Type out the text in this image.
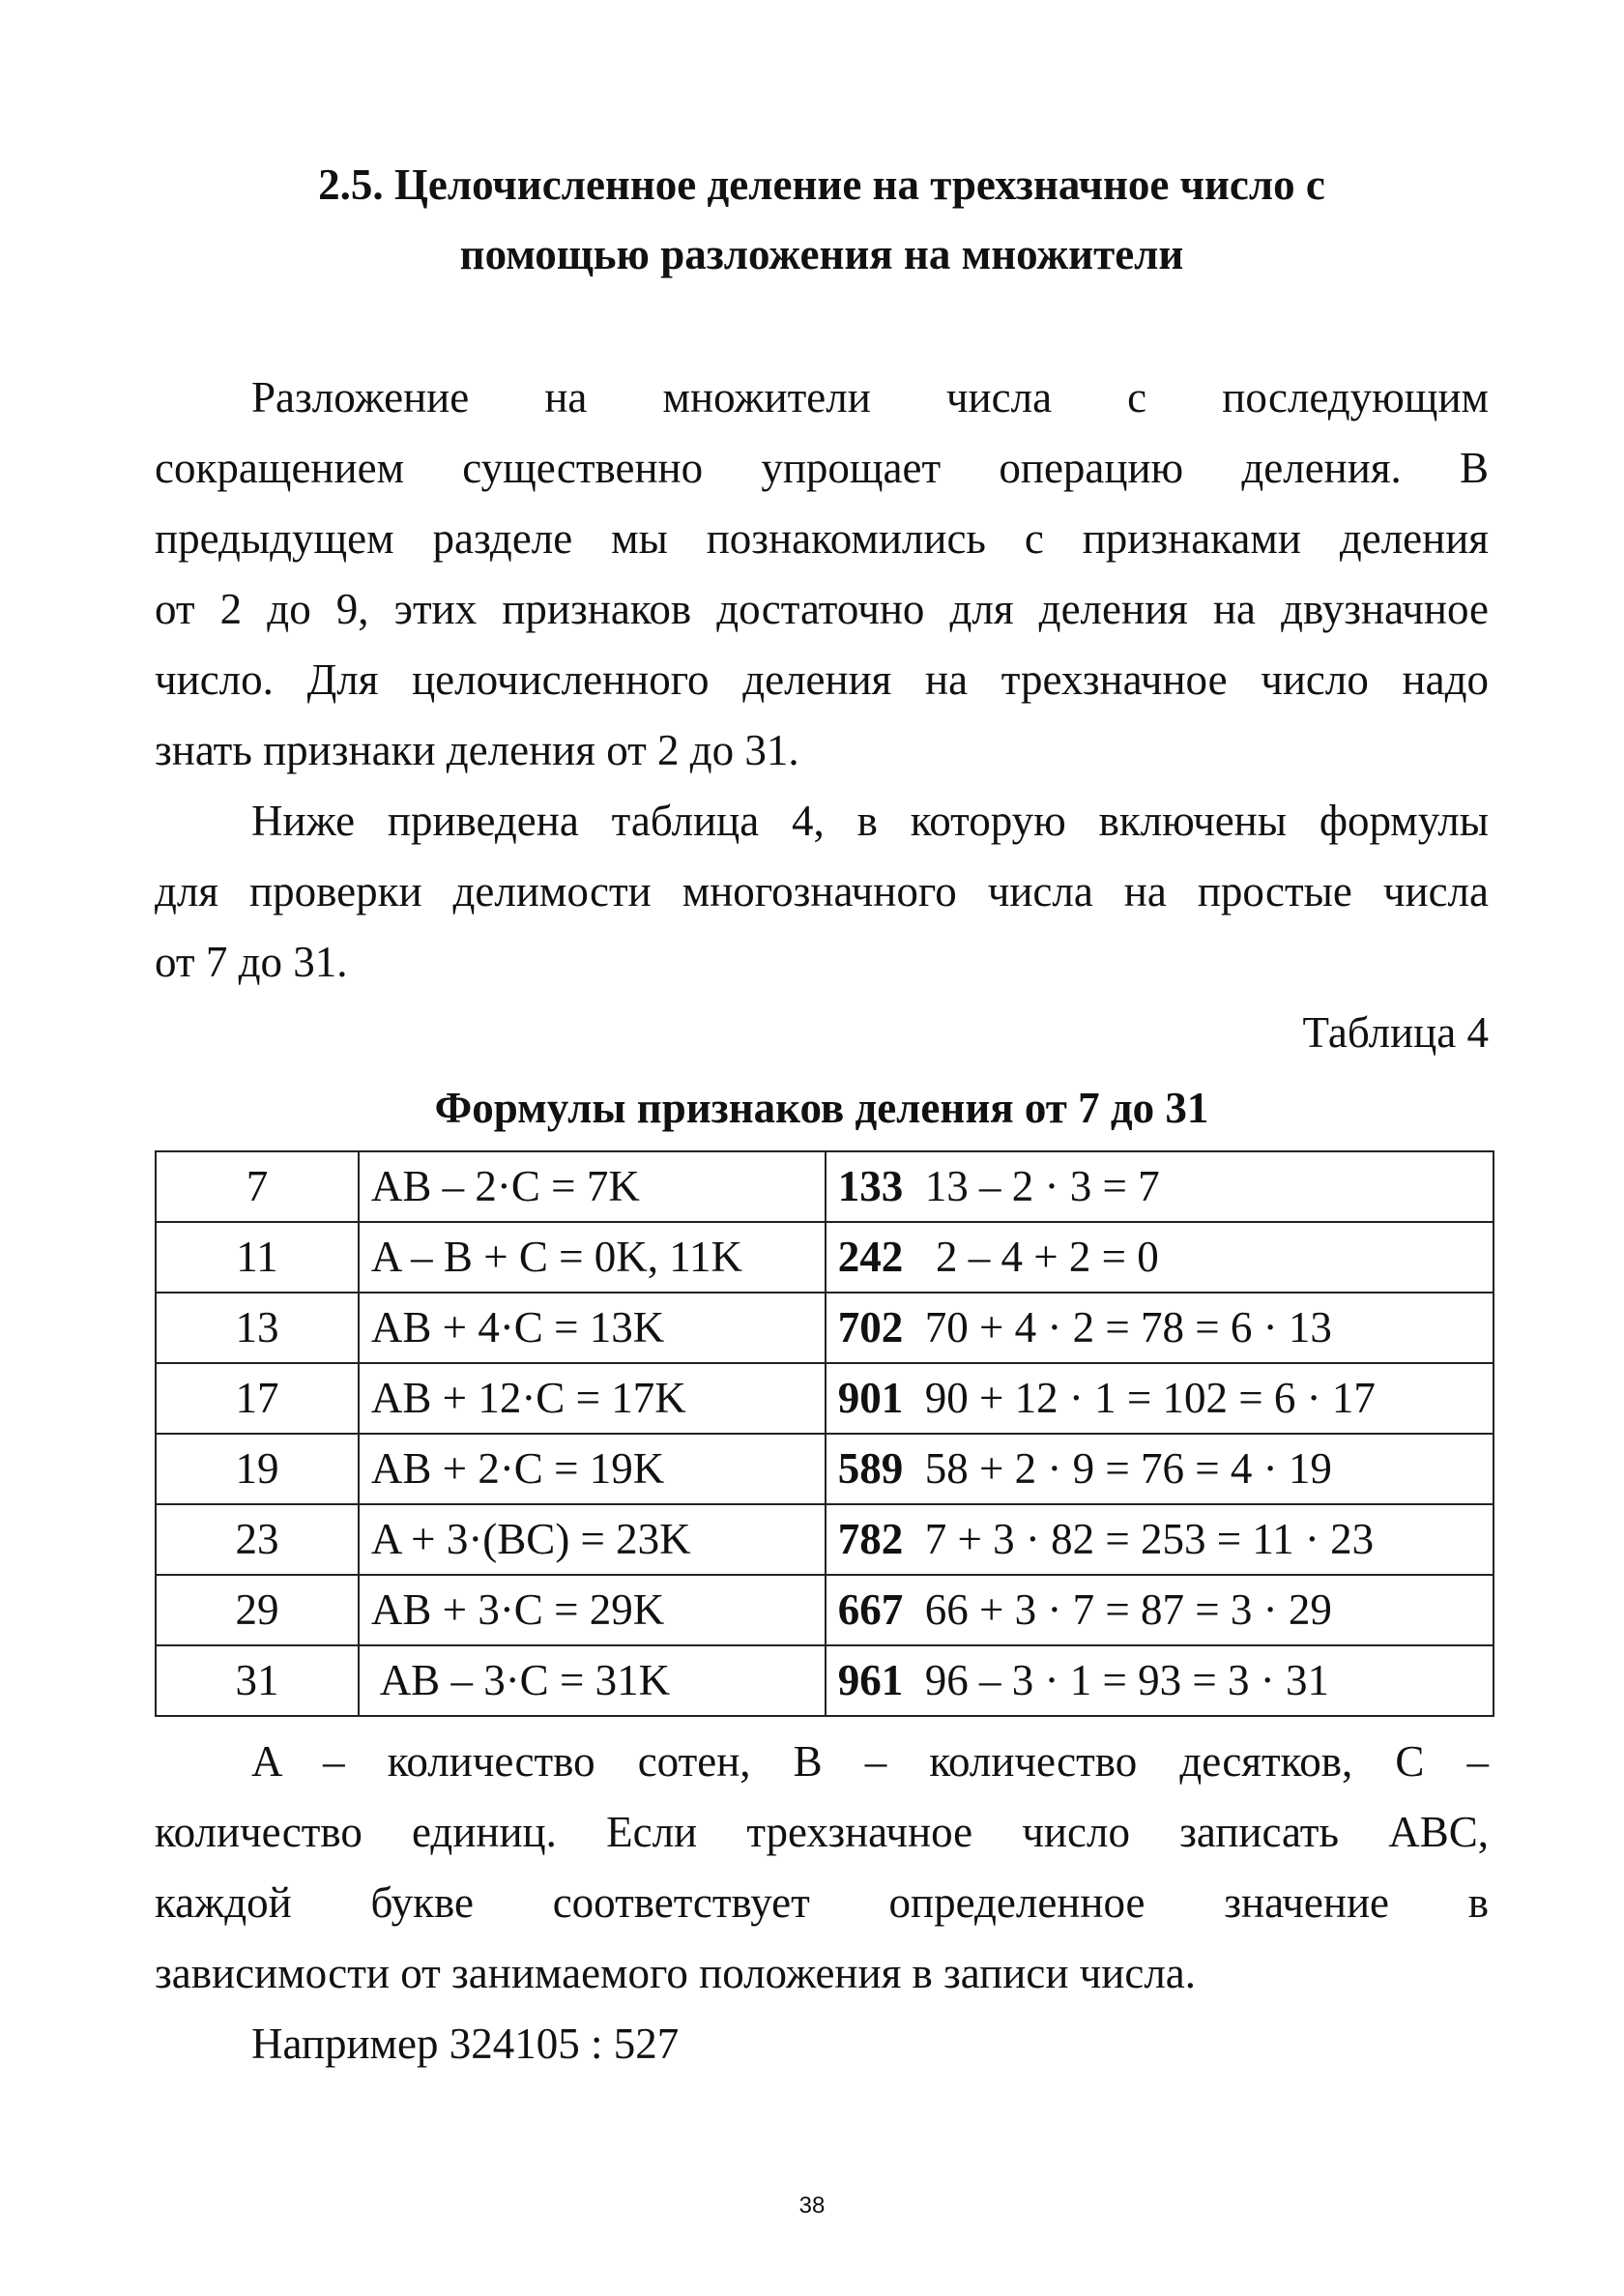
2.5. Целочисленное деление на трехзначное число с
помощью разложения на множители
Разложение на множители числа с последующим
сокращением существенно упрощает операцию деления. В
предыдущем разделе мы познакомились с признаками деления
от 2 до 9, этих признаков достаточно для деления на двузначное
число. Для целочисленного деления на трехзначное число надо
знать признаки деления от 2 до 31.
Ниже приведена таблица 4, в которую включены формулы
для проверки делимости многозначного числа на простые числа
от 7 до 31.
Таблица 4
Формулы признаков деления от 7 до 31
7	AB – 2·C = 7K	133 13 – 2 · 3 = 7
11	A – B + C = 0K, 11K	242 2 – 4 + 2 = 0
13	AB + 4·C = 13K	702 70 + 4 · 2 = 78 = 6 · 13
17	AB + 12·C = 17K	901 90 + 12 · 1 = 102 = 6 · 17
19	AB + 2·C = 19K	589 58 + 2 · 9 = 76 = 4 · 19
23	A + 3·(BC) = 23K	782 7 + 3 · 82 = 253 = 11 · 23
29	AB + 3·C = 29K	667 66 + 3 · 7 = 87 = 3 · 29
31	AB – 3·C = 31K	961 96 – 3 · 1 = 93 = 3 · 31
A – количество сотен, B – количество десятков, C –
количество единиц. Если трехзначное число записать ABC,
каждой букве соответствует определенное значение в
зависимости от занимаемого положения в записи числа.
Например 324105 : 527
38
